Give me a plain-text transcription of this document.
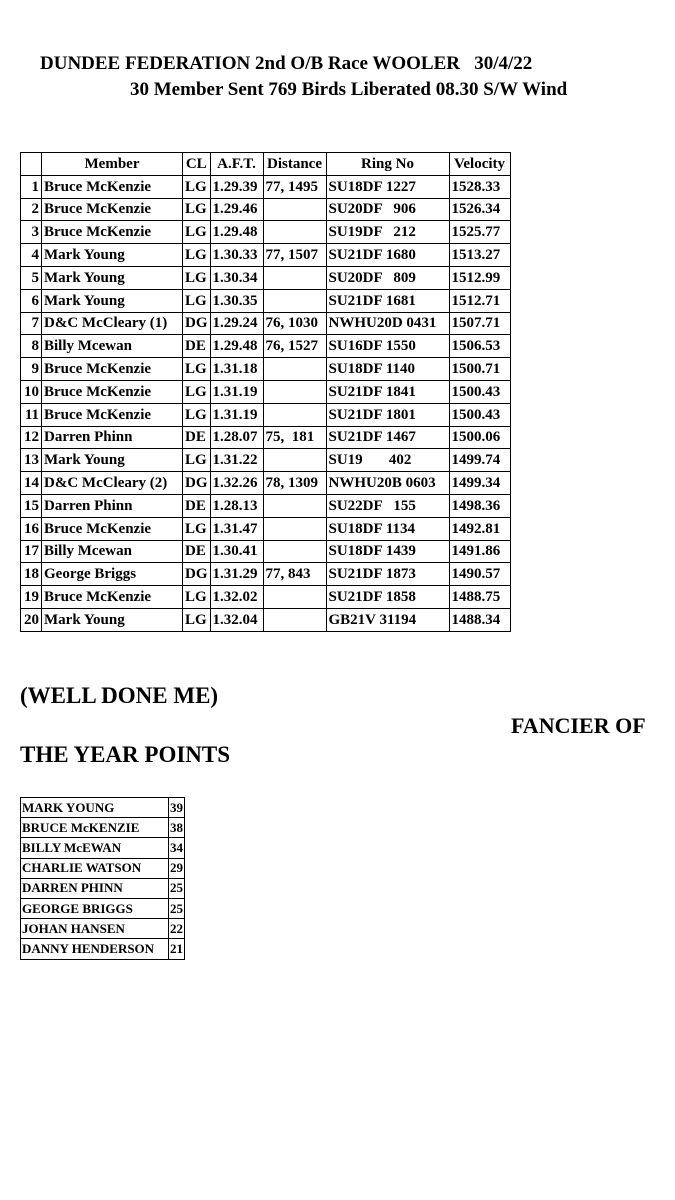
DUNDEE FEDERATION 2nd O/B Race WOOLER   30/4/22
30 Member Sent 769 Birds Liberated 08.30 S/W Wind
	Member	CL	A.F.T.	Distance	Ring No	Velocity
1	Bruce McKenzie	LG	1.29.39	77, 1495	SU18DF 1227	1528.33
2	Bruce McKenzie	LG	1.29.46		SU20DF   906	1526.34
3	Bruce McKenzie	LG	1.29.48		SU19DF   212	1525.77
4	Mark Young	LG	1.30.33	77, 1507	SU21DF 1680	1513.27
5	Mark Young	LG	1.30.34		SU20DF   809	1512.99
6	Mark Young	LG	1.30.35		SU21DF 1681	1512.71
7	D&C McCleary (1)	DG	1.29.24	76, 1030	NWHU20D 0431	1507.71
8	Billy Mcewan	DE	1.29.48	76, 1527	SU16DF 1550	1506.53
9	Bruce McKenzie	LG	1.31.18		SU18DF 1140	1500.71
10	Bruce McKenzie	LG	1.31.19		SU21DF 1841	1500.43
11	Bruce McKenzie	LG	1.31.19		SU21DF 1801	1500.43
12	Darren Phinn	DE	1.28.07	75,  181	SU21DF 1467	1500.06
13	Mark Young	LG	1.31.22		SU19       402	1499.74
14	D&C McCleary (2)	DG	1.32.26	78, 1309	NWHU20B 0603	1499.34
15	Darren Phinn	DE	1.28.13		SU22DF   155	1498.36
16	Bruce McKenzie	LG	1.31.47		SU18DF 1134	1492.81
17	Billy Mcewan	DE	1.30.41		SU18DF 1439	1491.86
18	George Briggs	DG	1.31.29	77, 843	SU21DF 1873	1490.57
19	Bruce McKenzie	LG	1.32.02		SU21DF 1858	1488.75
20	Mark Young	LG	1.32.04		GB21V 31194	1488.34
(WELL DONE ME)
FANCIER OF
THE YEAR POINTS
MARK YOUNG	39
BRUCE McKENZIE	38
BILLY McEWAN	34
CHARLIE WATSON	29
DARREN PHINN	25
GEORGE BRIGGS	25
JOHAN HANSEN	22
DANNY HENDERSON	21
